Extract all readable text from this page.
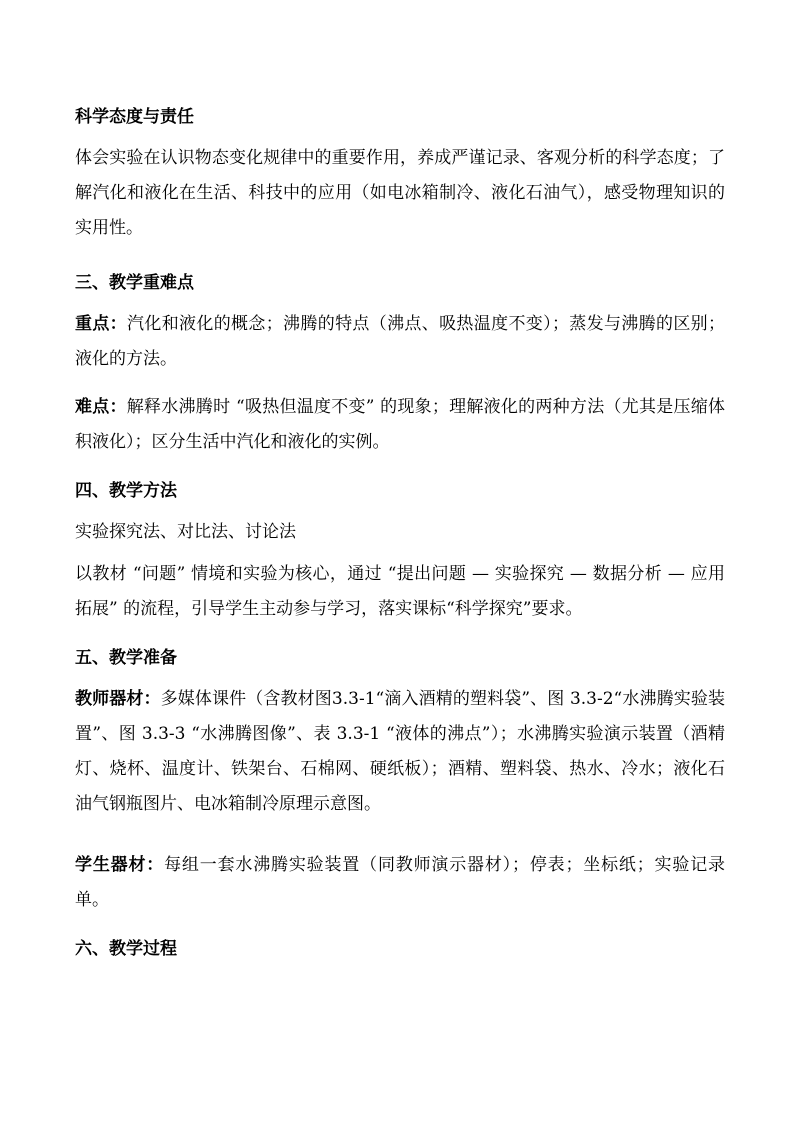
科学态度与责任
体会实验在认识物态变化规律中的重要作用，养成严谨记录、客观分析的科学态度；了解汽化和液化在生活、科技中的应用（如电冰箱制冷、液化石油气），感受物理知识的实用性。
三、教学重难点
重点：汽化和液化的概念；沸腾的特点（沸点、吸热温度不变）；蒸发与沸腾的区别；液化的方法。
难点：解释水沸腾时 “吸热但温度不变” 的现象；理解液化的两种方法（尤其是压缩体积液化）；区分生活中汽化和液化的实例。
四、教学方法
实验探究法、对比法、讨论法
以教材 “问题” 情境和实验为核心，通过 “提出问题 — 实验探究 — 数据分析 — 应用拓展” 的流程，引导学生主动参与学习，落实课标“科学探究”要求。
五、教学准备
教师器材：多媒体课件（含教材图3.3-1“滴入酒精的塑料袋”、图 3.3-2“水沸腾实验装置”、图 3.3-3 “水沸腾图像”、表 3.3-1 “液体的沸点”）；水沸腾实验演示装置（酒精灯、烧杯、温度计、铁架台、石棉网、硬纸板）；酒精、塑料袋、热水、冷水；液化石油气钢瓶图片、电冰箱制冷原理示意图。
学生器材：每组一套水沸腾实验装置（同教师演示器材）；停表；坐标纸；实验记录单。
六、教学过程
